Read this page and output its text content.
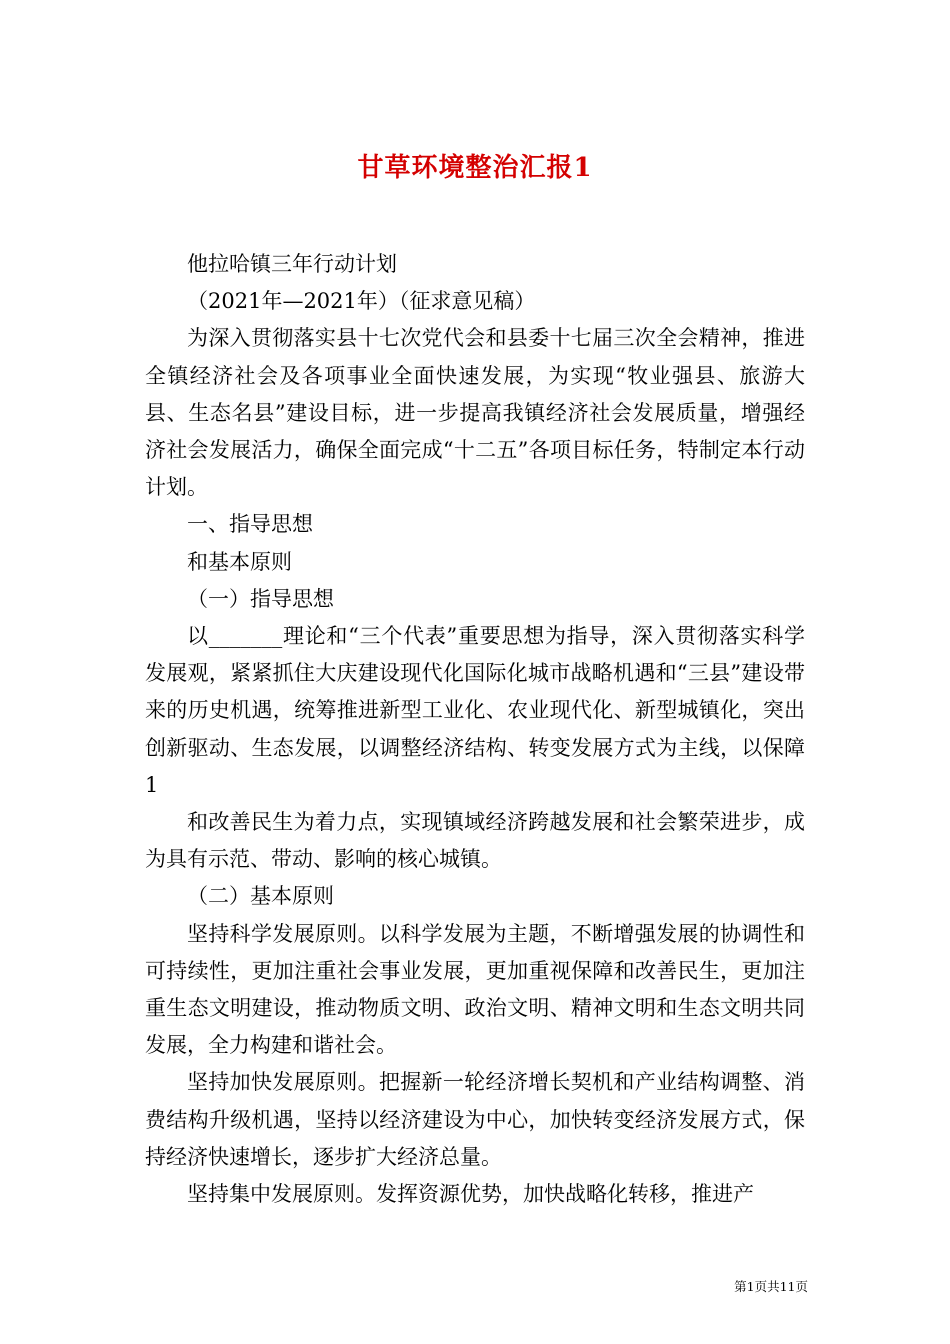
甘草环境整治汇报1

他拉哈镇三年行动计划

（2021年—2021年）（征求意见稿）

为深入贯彻落实县十七次党代会和县委十七届三次全会精神，推进全镇经济社会及各项事业全面快速发展，为实现“牧业强县、旅游大县、生态名县”建设目标，进一步提高我镇经济社会发展质量，增强经济社会发展活力，确保全面完成“十二五”各项目标任务，特制定本行动计划。

一、指导思想

和基本原则

（一）指导思想

以_______理论和“三个代表”重要思想为指导，深入贯彻落实科学发展观，紧紧抓住大庆建设现代化国际化城市战略机遇和“三县”建设带来的历史机遇，统筹推进新型工业化、农业现代化、新型城镇化，突出创新驱动、生态发展，以调整经济结构、转变发展方式为主线，以保障1

和改善民生为着力点，实现镇域经济跨越发展和社会繁荣进步，成为具有示范、带动、影响的核心城镇。

（二）基本原则

坚持科学发展原则。以科学发展为主题，不断增强发展的协调性和可持续性，更加注重社会事业发展，更加重视保障和改善民生，更加注重生态文明建设，推动物质文明、政治文明、精神文明和生态文明共同发展，全力构建和谐社会。

坚持加快发展原则。把握新一轮经济增长契机和产业结构调整、消费结构升级机遇，坚持以经济建设为中心，加快转变经济发展方式，保持经济快速增长，逐步扩大经济总量。

坚持集中发展原则。发挥资源优势，加快战略化转移，推进产

第1页共11页
